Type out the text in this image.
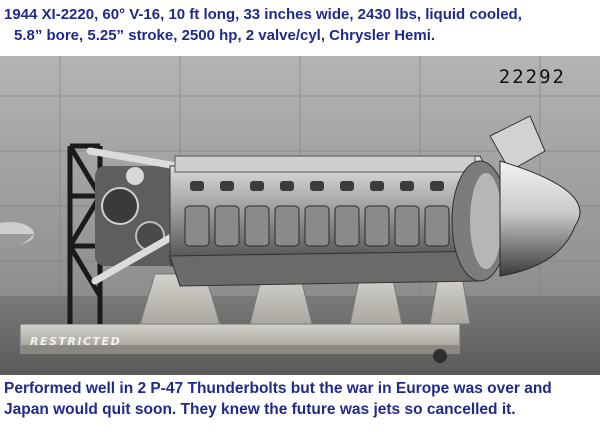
1944 XI-2220, 60° V-16, 10 ft long, 33 inches wide, 2430 lbs, liquid cooled,
5.8” bore, 5.25” stroke, 2500 hp, 2 valve/cyl, Chrysler Hemi.
22292
RESTRICTED
Performed well in 2 P-47 Thunderbolts but the war in Europe was over and
Japan would quit soon. They knew the future was jets so cancelled it.
